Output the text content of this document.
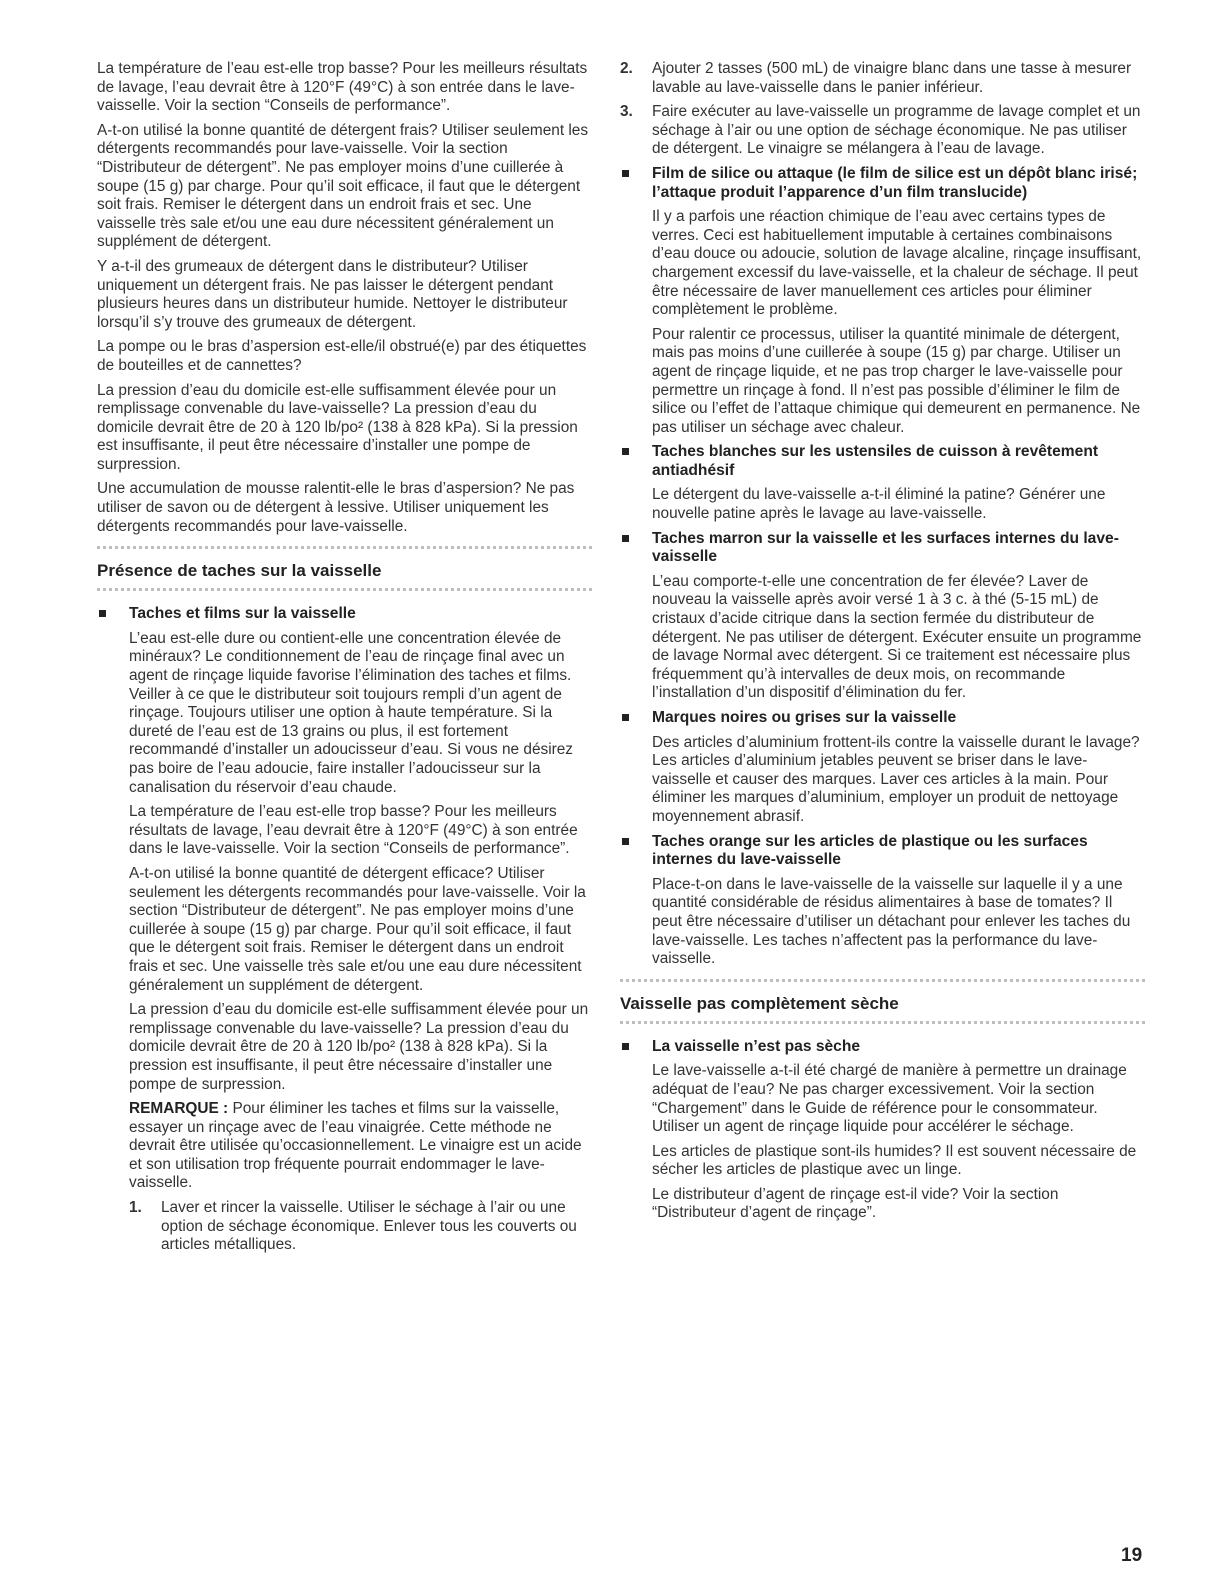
La température de l’eau est-elle trop basse? Pour les meilleurs résultats de lavage, l’eau devrait être à 120°F (49°C) à son entrée dans le lave-vaisselle. Voir la section “Conseils de performance”.

A-t-on utilisé la bonne quantité de détergent frais? Utiliser seulement les détergents recommandés pour lave-vaisselle. Voir la section “Distributeur de détergent”. Ne pas employer moins d’une cuillerée à soupe (15 g) par charge. Pour qu’il soit efficace, il faut que le détergent soit frais. Remiser le détergent dans un endroit frais et sec. Une vaisselle très sale et/ou une eau dure nécessitent généralement un supplément de détergent.

Y a-t-il des grumeaux de détergent dans le distributeur? Utiliser uniquement un détergent frais. Ne pas laisser le détergent pendant plusieurs heures dans un distributeur humide. Nettoyer le distributeur lorsqu’il s’y trouve des grumeaux de détergent.

La pompe ou le bras d’aspersion est-elle/il obstrué(e) par des étiquettes de bouteilles et de cannettes?

La pression d’eau du domicile est-elle suffisamment élevée pour un remplissage convenable du lave-vaisselle? La pression d’eau du domicile devrait être de 20 à 120 lb/po² (138 à 828 kPa). Si la pression est insuffisante, il peut être nécessaire d’installer une pompe de surpression.

Une accumulation de mousse ralentit-elle le bras d’aspersion? Ne pas utiliser de savon ou de détergent à lessive. Utiliser uniquement les détergents recommandés pour lave-vaisselle.

Présence de taches sur la vaisselle
Taches et films sur la vaisselle

L’eau est-elle dure ou contient-elle une concentration élevée de minéraux? Le conditionnement de l’eau de rinçage final avec un agent de rinçage liquide favorise l’élimination des taches et films. Veiller à ce que le distributeur soit toujours rempli d’un agent de rinçage. Toujours utiliser une option à haute température. Si la dureté de l’eau est de 13 grains ou plus, il est fortement recommandé d’installer un adoucisseur d’eau. Si vous ne désirez pas boire de l’eau adoucie, faire installer l’adoucisseur sur la canalisation du réservoir d’eau chaude.

La température de l’eau est-elle trop basse? Pour les meilleurs résultats de lavage, l’eau devrait être à 120°F (49°C) à son entrée dans le lave-vaisselle. Voir la section “Conseils de performance”.

A-t-on utilisé la bonne quantité de détergent efficace? Utiliser seulement les détergents recommandés pour lave-vaisselle. Voir la section “Distributeur de détergent”. Ne pas employer moins d’une cuillerée à soupe (15 g) par charge. Pour qu’il soit efficace, il faut que le détergent soit frais. Remiser le détergent dans un endroit frais et sec. Une vaisselle très sale et/ou une eau dure nécessitent généralement un supplément de détergent.

La pression d’eau du domicile est-elle suffisamment élevée pour un remplissage convenable du lave-vaisselle? La pression d’eau du domicile devrait être de 20 à 120 lb/po² (138 à 828 kPa). Si la pression est insuffisante, il peut être nécessaire d’installer une pompe de surpression.

REMARQUE : Pour éliminer les taches et films sur la vaisselle, essayer un rinçage avec de l’eau vinaigrée. Cette méthode ne devrait être utilisée qu’occasionnellement. Le vinaigre est un acide et son utilisation trop fréquente pourrait endommager le lave-vaisselle.

1. Laver et rincer la vaisselle. Utiliser le séchage à l’air ou une option de séchage économique. Enlever tous les couverts ou articles métalliques.

2. Ajouter 2 tasses (500 mL) de vinaigre blanc dans une tasse à mesurer lavable au lave-vaisselle dans le panier inférieur.

3. Faire exécuter au lave-vaisselle un programme de lavage complet et un séchage à l’air ou une option de séchage économique. Ne pas utiliser de détergent. Le vinaigre se mélangera à l’eau de lavage.

Film de silice ou attaque (le film de silice est un dépôt blanc irisé; l’attaque produit l’apparence d’un film translucide)

Il y a parfois une réaction chimique de l’eau avec certains types de verres. Ceci est habituellement imputable à certaines combinaisons d’eau douce ou adoucie, solution de lavage alcaline, rinçage insuffisant, chargement excessif du lave-vaisselle, et la chaleur de séchage. Il peut être nécessaire de laver manuellement ces articles pour éliminer complètement le problème.

Pour ralentir ce processus, utiliser la quantité minimale de détergent, mais pas moins d’une cuillerée à soupe (15 g) par charge. Utiliser un agent de rinçage liquide, et ne pas trop charger le lave-vaisselle pour permettre un rinçage à fond. Il n’est pas possible d’éliminer le film de silice ou l’effet de l’attaque chimique qui demeurent en permanence. Ne pas utiliser un séchage avec chaleur.

Taches blanches sur les ustensiles de cuisson à revêtement antiadhésif

Le détergent du lave-vaisselle a-t-il éliminé la patine? Générer une nouvelle patine après le lavage au lave-vaisselle.

Taches marron sur la vaisselle et les surfaces internes du lave-vaisselle

L’eau comporte-t-elle une concentration de fer élevée? Laver de nouveau la vaisselle après avoir versé 1 à 3 c. à thé (5-15 mL) de cristaux d’acide citrique dans la section fermée du distributeur de détergent. Ne pas utiliser de détergent. Exécuter ensuite un programme de lavage Normal avec détergent. Si ce traitement est nécessaire plus fréquemment qu’à intervalles de deux mois, on recommande l’installation d’un dispositif d’élimination du fer.

Marques noires ou grises sur la vaisselle

Des articles d’aluminium frottent-ils contre la vaisselle durant le lavage? Les articles d’aluminium jetables peuvent se briser dans le lave-vaisselle et causer des marques. Laver ces articles à la main. Pour éliminer les marques d’aluminium, employer un produit de nettoyage moyennement abrasif.

Taches orange sur les articles de plastique ou les surfaces internes du lave-vaisselle

Place-t-on dans le lave-vaisselle de la vaisselle sur laquelle il y a une quantité considérable de résidus alimentaires à base de tomates? Il peut être nécessaire d’utiliser un détachant pour enlever les taches du lave-vaisselle. Les taches n’affectent pas la performance du lave-vaisselle.

Vaisselle pas complètement sèche
La vaisselle n’est pas sèche

Le lave-vaisselle a-t-il été chargé de manière à permettre un drainage adéquat de l’eau? Ne pas charger excessivement. Voir la section “Chargement” dans le Guide de référence pour le consommateur. Utiliser un agent de rinçage liquide pour accélérer le séchage.

Les articles de plastique sont-ils humides? Il est souvent nécessaire de sécher les articles de plastique avec un linge.

Le distributeur d’agent de rinçage est-il vide? Voir la section “Distributeur d’agent de rinçage”.

19
